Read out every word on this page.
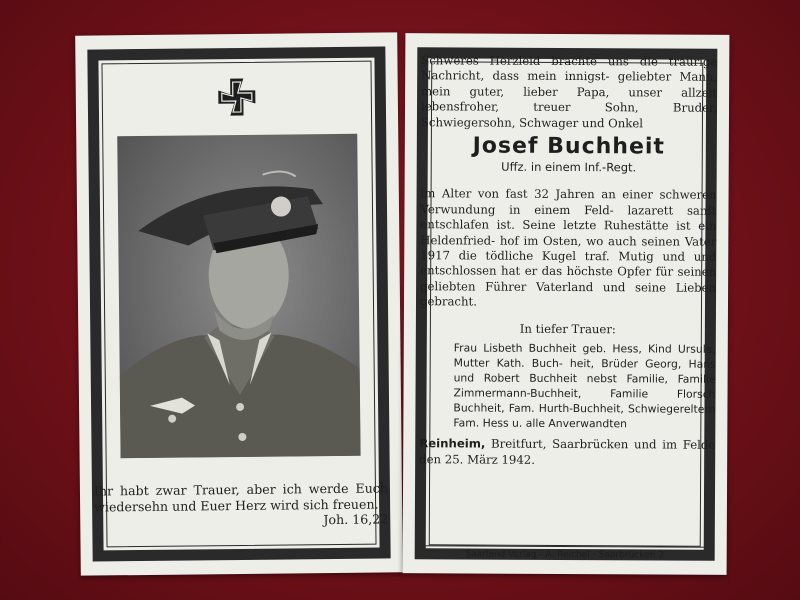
Ihr habt zwar Trauer, aber ich werde Euch wiedersehn und Euer Herz wird sich freuen.
Joh. 16,22
Schweres Herzleid brachte uns die traurige Nachricht, dass mein innigst- geliebter Mann, mein guter, lieber Papa, unser allzeit lebensfroher, treuer Sohn, Bruder, Schwiegersohn, Schwager und Onkel
Josef Buchheit
Uffz. in einem Inf.-Regt.
im Alter von fast 32 Jahren an einer schweren Verwundung in einem Feld- lazarett sanft entschlafen ist. Seine letzte Ruhestätte ist ein Heldenfried- hof im Osten, wo auch seinen Vater 1917 die tödliche Kugel traf. Mutig und und entschlossen hat er das höchste Opfer für seinen geliebten Führer Vaterland und seine Lieben gebracht.
In tiefer Trauer:
Frau Lisbeth Buchheit geb. Hess, Kind Ursula, Mutter Kath. Buch- heit, Brüder Georg, Hans und Robert Buchheit nebst Familie, Familie Zimmermann-Buchheit, Familie Florsch Buchheit, Fam. Hurth-Buchheit, Schwiegereltern Fam. Hess u. alle Anverwandten
Reinheim, Breitfurt, Saarbrücken und im Felde den 25. März 1942.
Saarland-Verlag - A. Reichel - Saarbrücken 2
